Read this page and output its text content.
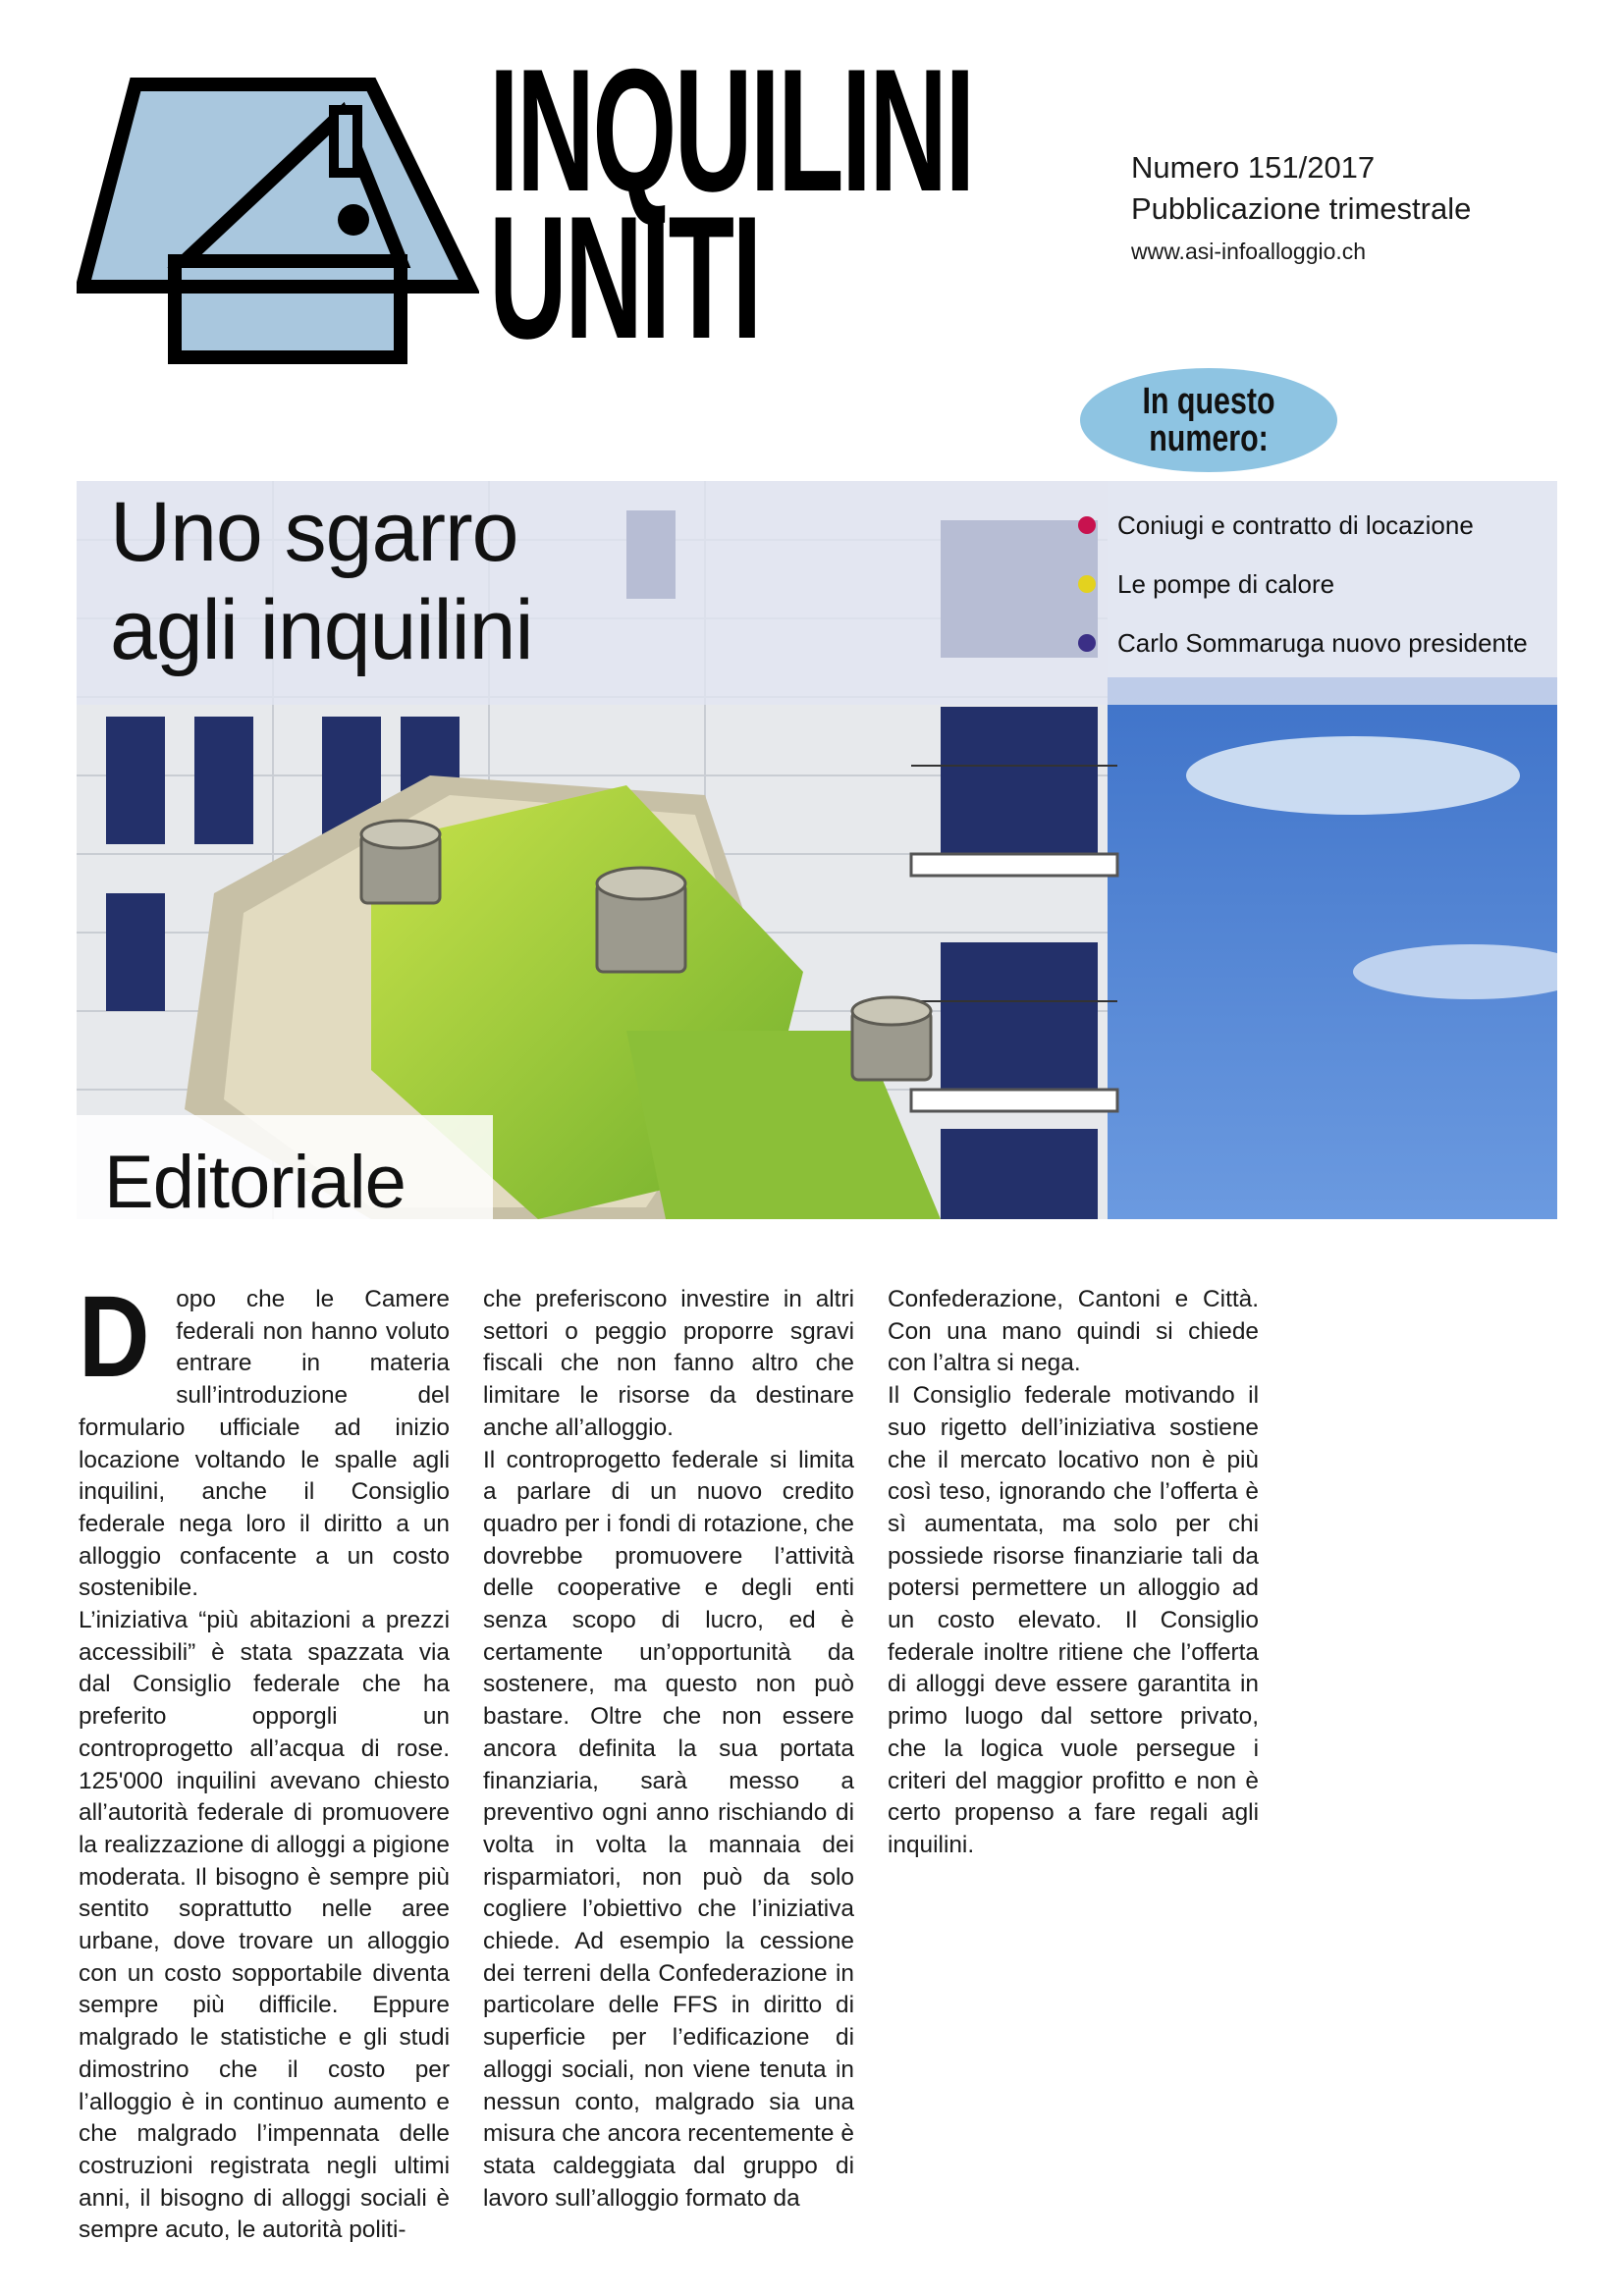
INQUILINI
UNITI
Numero 151/2017
Pubblicazione trimestrale
www.asi-infoalloggio.ch
In questo numero:
Uno sgarro
agli inquilini
Coniugi e contratto di locazione
Le pompe di calore
Carlo Sommaruga nuovo presidente
Editoriale
D	opo che le Camere federali non hanno voluto entrare in materia sull’introduzione del formulario ufficiale ad inizio locazione voltando le spalle agli inquilini, anche il Consiglio federale nega loro il diritto a un alloggio confacente a un costo sostenibile.

L’iniziativa “più abitazioni a prezzi accessibili” è stata spazzata via dal Consiglio federale che ha preferito opporgli un controprogetto all’acqua di rose. 125'000 inquilini avevano chiesto all’autorità federale di promuovere la realizzazione di alloggi a pigione moderata. Il bisogno è sempre più sentito soprattutto nelle aree urbane, dove trovare un alloggio con un costo sopportabile diventa sempre più difficile. Eppure malgrado le statistiche e gli studi dimostrino che il costo per l’alloggio è in continuo aumento e che malgrado l’impennata delle costruzioni registrata negli ultimi anni, il bisogno di alloggi sociali è sempre acuto, le autorità politi-

che preferiscono investire in altri settori o peggio proporre sgravi fiscali che non fanno altro che limitare le risorse da destinare anche all’alloggio.

Il controprogetto federale si limita a parlare di un nuovo credito quadro per i fondi di rotazione, che dovrebbe promuovere l’attività delle cooperative e degli enti senza scopo di lucro, ed è certamente un’opportunità da sostenere, ma questo non può bastare. Oltre che non essere ancora definita la sua portata finanziaria, sarà messo a preventivo ogni anno rischiando di volta in volta la mannaia dei risparmiatori, non può da solo cogliere l’obiettivo che l’iniziativa chiede. Ad esempio la cessione dei terreni della Confederazione in particolare delle FFS in diritto di superficie per l’edificazione di alloggi sociali, non viene tenuta in nessun conto, malgrado sia una misura che ancora recentemente è stata caldeggiata dal gruppo di lavoro sull’alloggio formato da

Confederazione, Cantoni e Città. Con una mano quindi si chiede con l’altra si nega.

Il Consiglio federale motivando il suo rigetto dell’iniziativa sostiene che il mercato locativo non è più così teso, ignorando che l’offerta è sì aumentata, ma solo per chi possiede risorse finanziarie tali da potersi permettere un alloggio ad un costo elevato. Il Consiglio federale inoltre ritiene che l’offerta di alloggi deve essere garantita in primo luogo dal settore privato, che la logica vuole persegue i criteri del maggior profitto e non è certo propenso a fare regali agli inquilini.
